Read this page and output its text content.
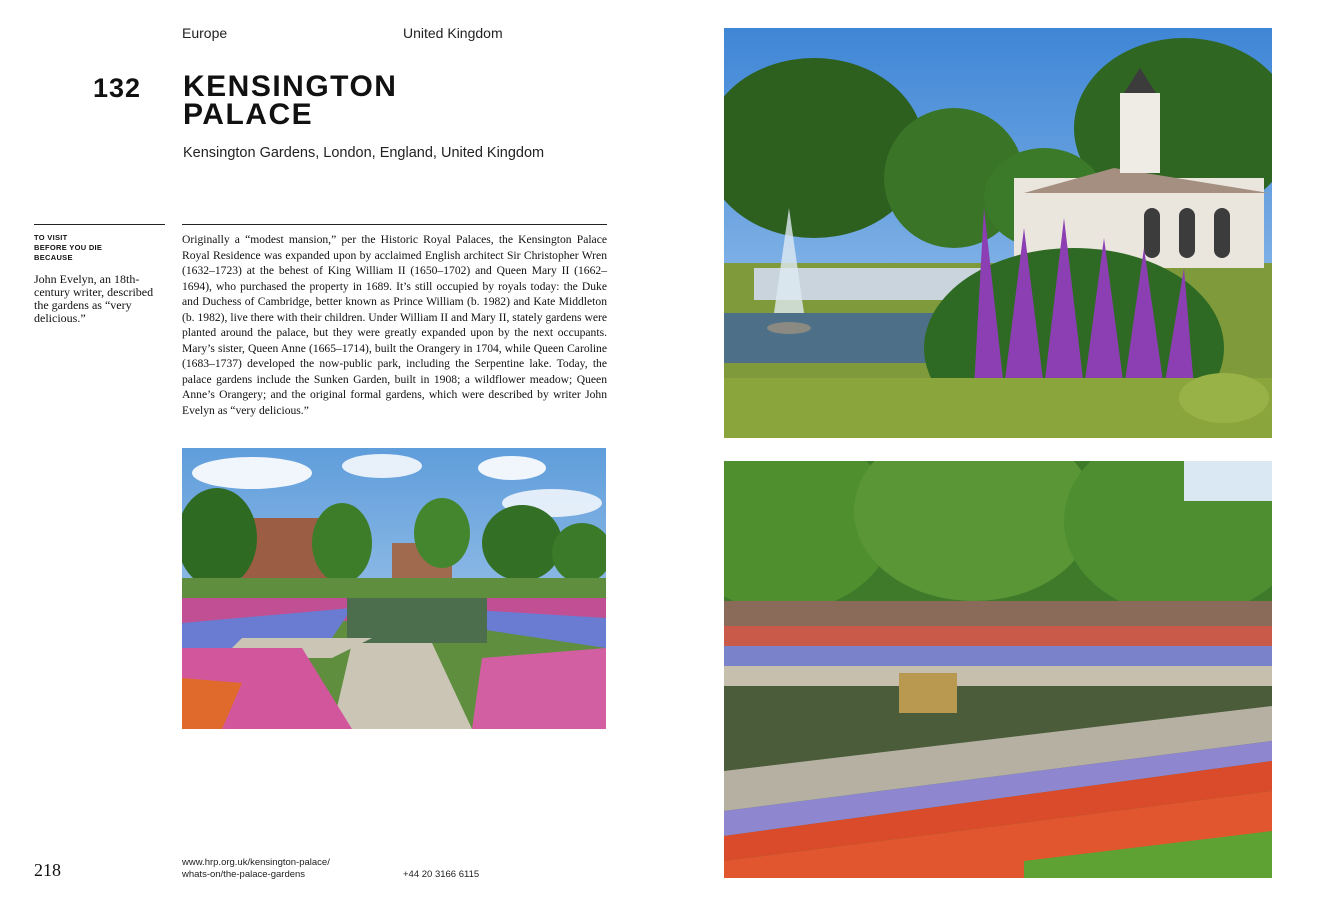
Europe	United Kingdom
132 KENSINGTON
PALACE
Kensington Gardens, London, England, United Kingdom
TO VISIT
BEFORE YOU DIE
BECAUSE
John Evelyn, an 18th-century writer, described the gardens as “very delicious.”
Originally a “modest mansion,” per the Historic Royal Palaces, the Kensington Palace Royal Residence was expanded upon by acclaimed English architect Sir Christopher Wren (1632–1723) at the behest of King William II (1650–1702) and Queen Mary II (1662–1694), who purchased the property in 1689. It’s still occupied by royals today: the Duke and Duchess of Cambridge, better known as Prince William (b. 1982) and Kate Middleton (b. 1982), live there with their children. Under William II and Mary II, stately gardens were planted around the palace, but they were greatly expanded upon by the next occupants. Mary’s sister, Queen Anne (1665–1714), built the Orangery in 1704, while Queen Caroline (1683–1737) developed the now-public park, including the Serpentine lake. Today, the palace gardens include the Sunken Garden, built in 1908; a wildflower meadow; Queen Anne’s Orangery; and the original formal gardens, which were described by writer John Evelyn as “very delicious.”
218	www.hrp.org.uk/kensington-palace/
whats-on/the-palace-gardens	+44 20 3166 6115
